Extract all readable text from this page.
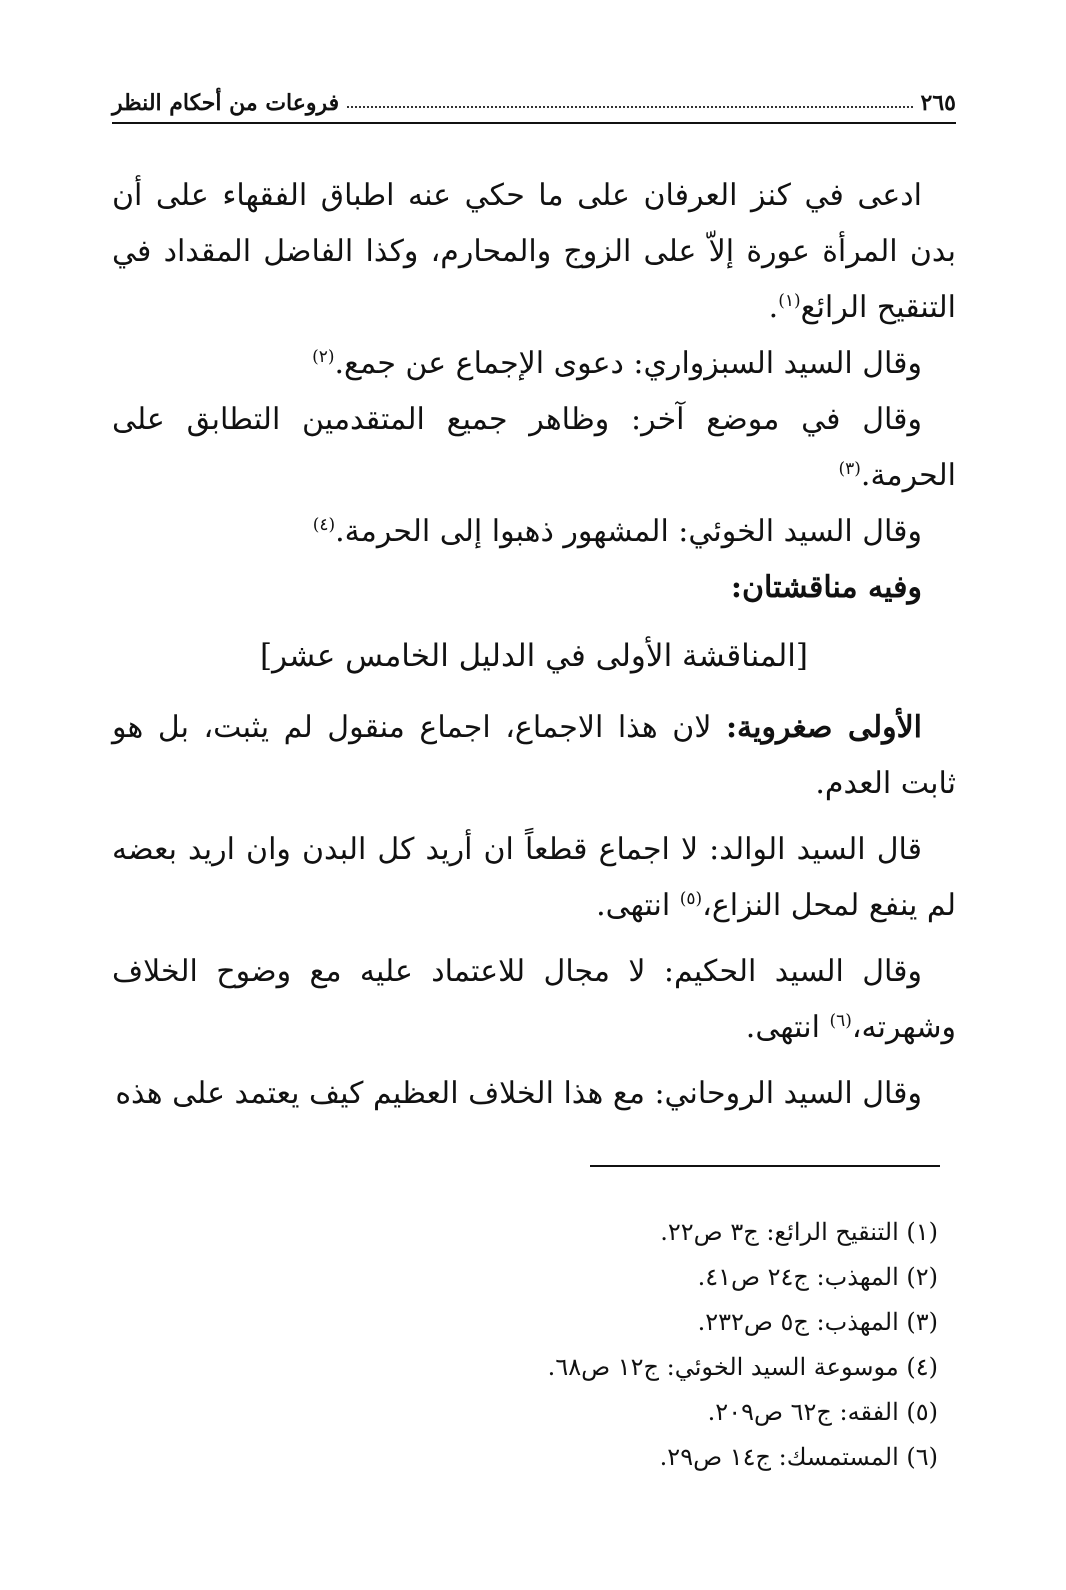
٢٦٥
فروعات من أحكام النظر

ادعى في كنز العرفان على ما حكي عنه اطباق الفقهاء على أن بدن المرأة عورة إلاّ على الزوج والمحارم، وكذا الفاضل المقداد في التنقيح الرائع$^{(١)}$.

وقال السيد السبزواري: دعوى الإجماع عن جمع.$^{(٢)}$

وقال في موضع آخر: وظاهر جميع المتقدمين التطابق على الحرمة.$^{(٣)}$

وقال السيد الخوئي: المشهور ذهبوا إلى الحرمة.$^{(٤)}$

وفيه مناقشتان:

[المناقشة الأولى في الدليل الخامس عشر]

الأولى صغروية: لان هذا الاجماع، اجماع منقول لم يثبت، بل هو ثابت العدم.

قال السيد الوالد: لا اجماع قطعاً ان أريد كل البدن وان اريد بعضه لم ينفع لمحل النزاع،$^{(٥)}$ انتهى.

وقال السيد الحكيم: لا مجال للاعتماد عليه مع وضوح الخلاف وشهرته،$^{(٦)}$ انتهى.

وقال السيد الروحاني: مع هذا الخلاف العظيم كيف يعتمد على هذه

(١) التنقيح الرائع: ج٣ ص٢٢.

(٢) المهذب: ج٢٤ ص٤١.

(٣) المهذب: ج٥ ص٢٣٢.

(٤) موسوعة السيد الخوئي: ج١٢ ص٦٨.

(٥) الفقه: ج٦٢ ص٢٠٩.

(٦) المستمسك: ج١٤ ص٢٩.
